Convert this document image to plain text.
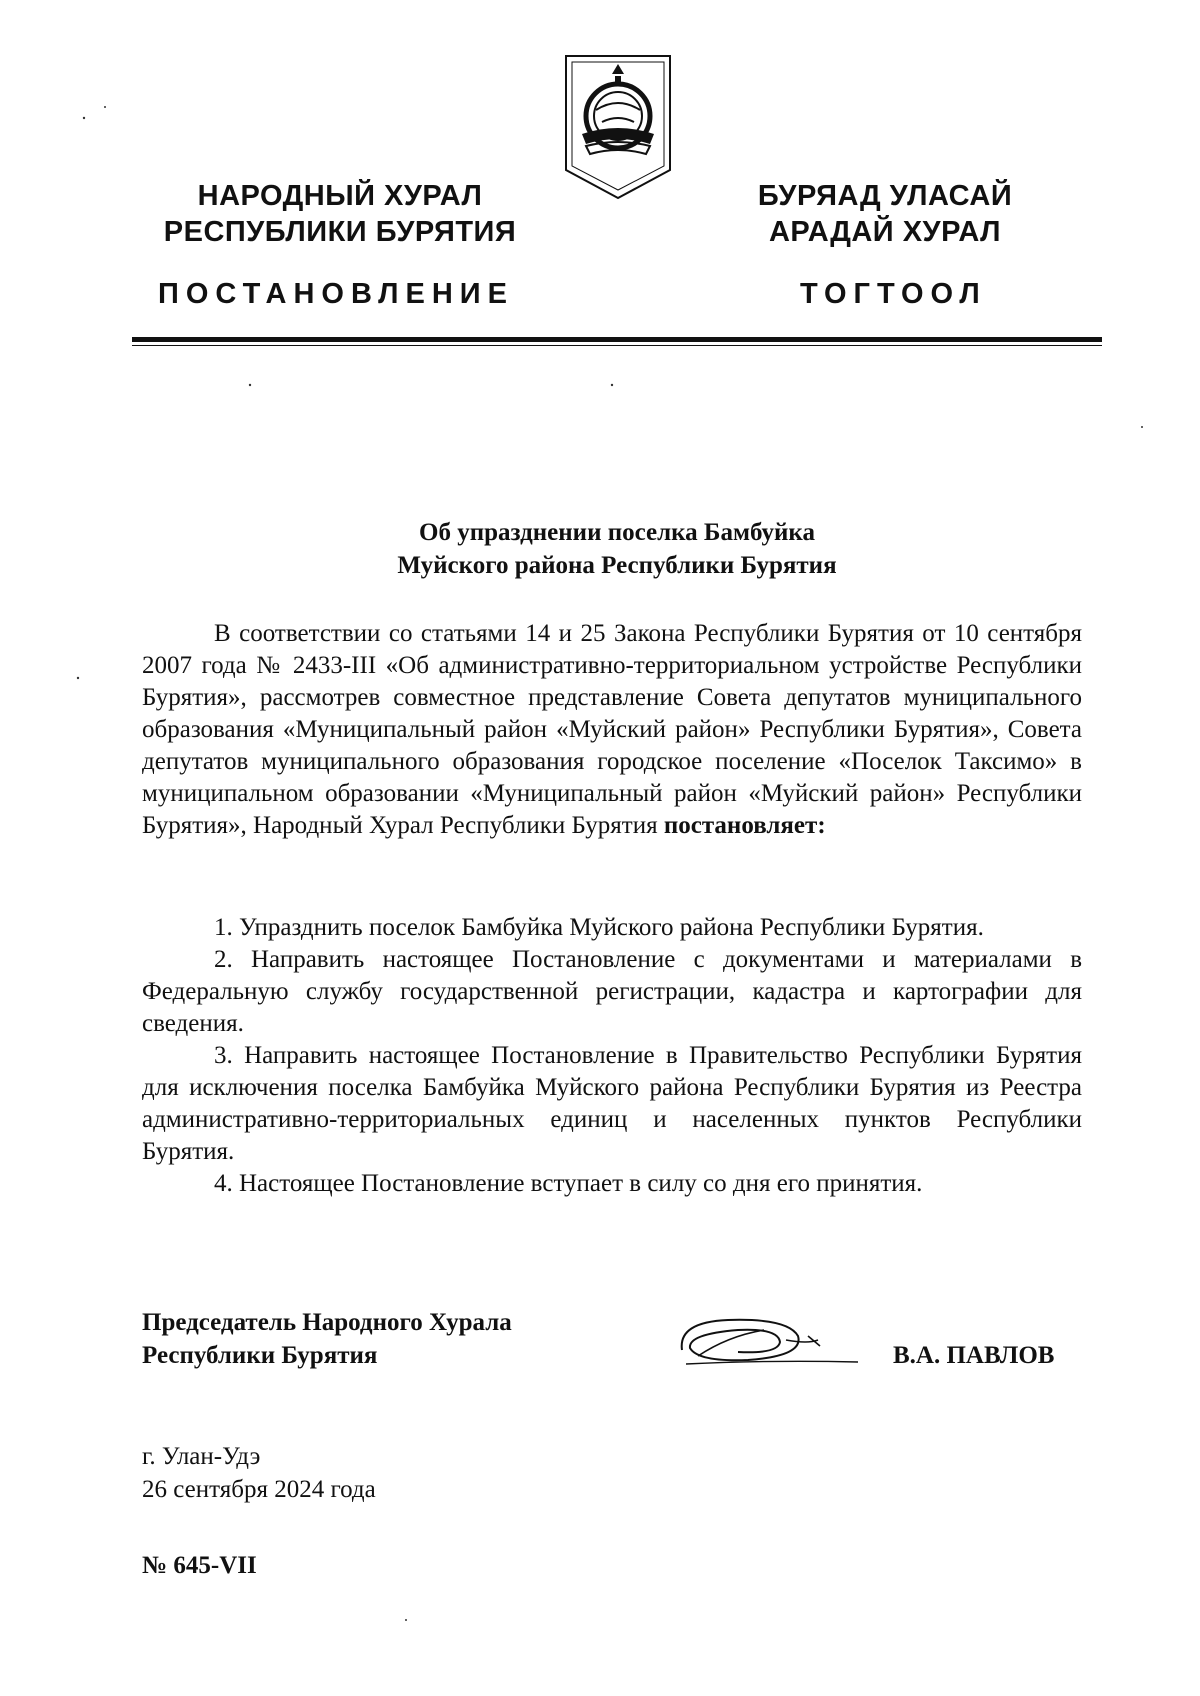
НАРОДНЫЙ ХУРАЛ
РЕСПУБЛИКИ БУРЯТИЯ
БУРЯАД УЛАСАЙ
АРАДАЙ ХУРАЛ
ПОСТАНОВЛЕНИЕ	ТОГТООЛ
Об упразднении поселка Бамбуйка
Муйского района Республики Бурятия
В соответствии со статьями 14 и 25 Закона Республики Бурятия от 10 сентября 2007 года № 2433-III «Об административно-территориальном устройстве Республики Бурятия», рассмотрев совместное представление Совета депутатов муниципального образования «Муниципальный район «Муйский район» Республики Бурятия», Совета депутатов муниципального образования городское поселение «Поселок Таксимо» в муниципальном образовании «Муниципальный район «Муйский район» Республики Бурятия», Народный Хурал Республики Бурятия постановляет:

1. Упразднить поселок Бамбуйка Муйского района Республики Бурятия.

2. Направить настоящее Постановление с документами и материалами в Федеральную службу государственной регистрации, кадастра и картографии для сведения.

3. Направить настоящее Постановление в Правительство Республики Бурятия для исключения поселка Бамбуйка Муйского района Республики Бурятия из Реестра административно-территориальных единиц и населенных пунктов Республики Бурятия.

4. Настоящее Постановление вступает в силу со дня его принятия.

Председатель Народного Хурала
Республики Бурятия	В.А. ПАВЛОВ
г. Улан-Удэ
26 сентября 2024 года
№ 645-VII
